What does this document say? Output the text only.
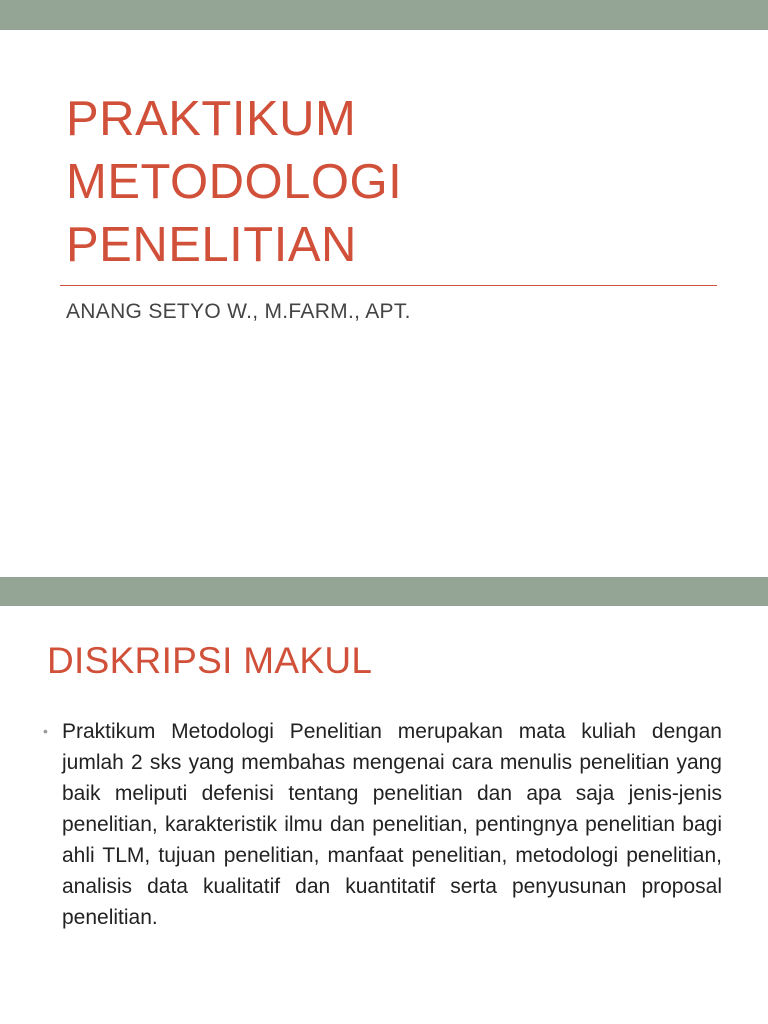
PRAKTIKUM
METODOLOGI
PENELITIAN
ANANG SETYO W., M.FARM., APT.
DISKRIPSI MAKUL
• Praktikum Metodologi Penelitian merupakan mata kuliah dengan jumlah 2 sks yang membahas mengenai cara menulis penelitian yang baik meliputi defenisi tentang penelitian dan apa saja jenis-jenis penelitian, karakteristik ilmu dan penelitian, pentingnya penelitian bagi ahli TLM, tujuan penelitian, manfaat penelitian, metodologi penelitian, analisis data kualitatif dan kuantitatif serta penyusunan proposal penelitian.
